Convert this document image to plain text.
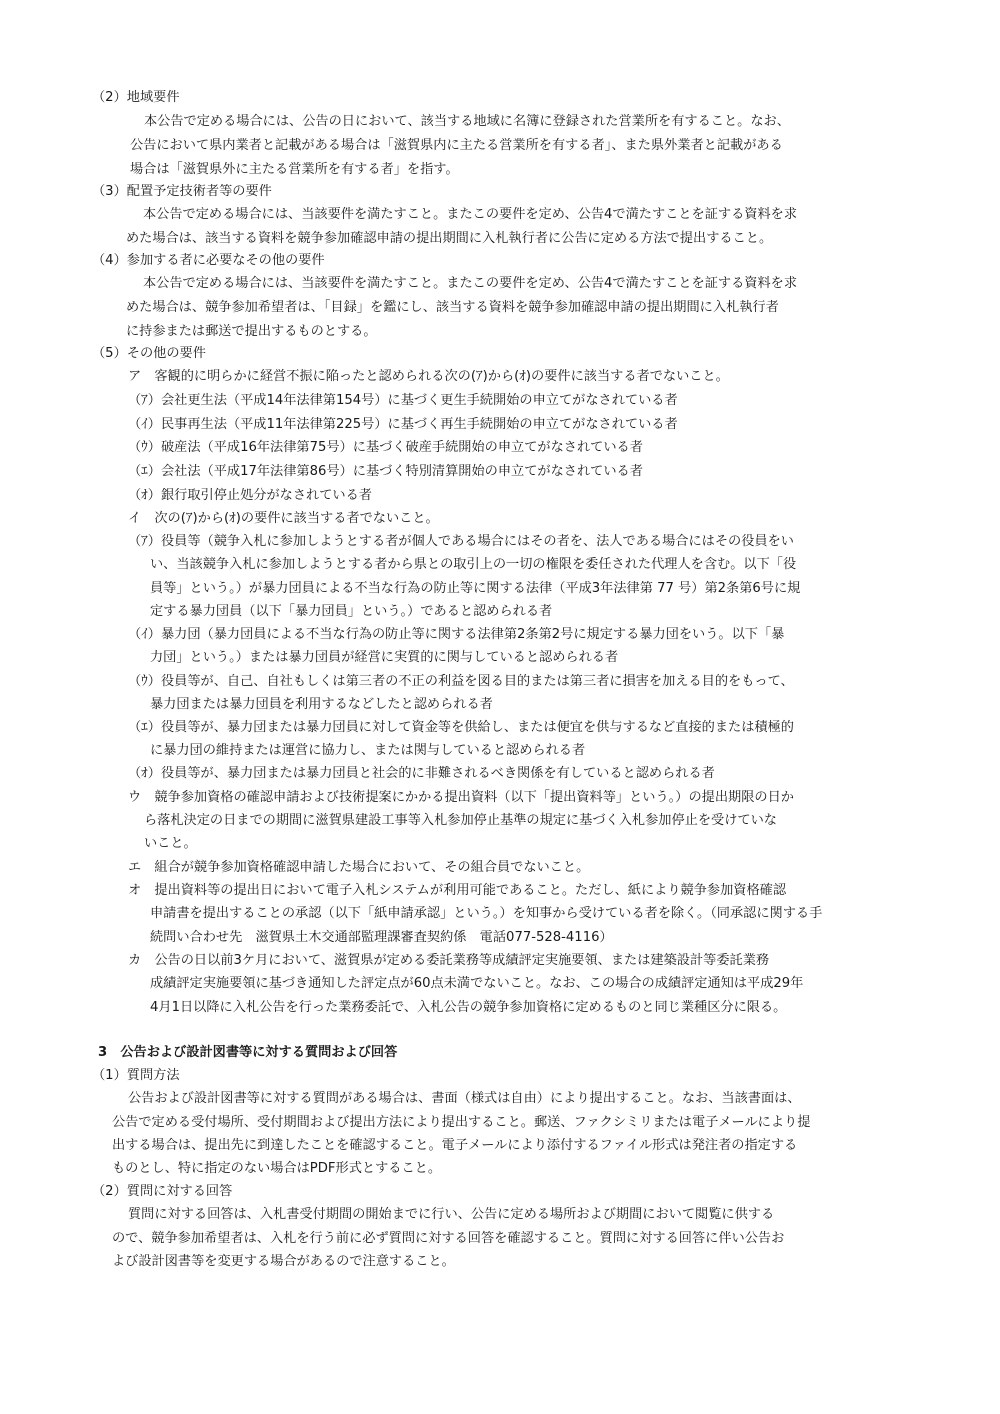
（2）地域要件
本公告で定める場合には、公告の日において、該当する地域に名簿に登録された営業所を有すること。なお、
公告において県内業者と記載がある場合は「滋賀県内に主たる営業所を有する者」、また県外業者と記載がある
場合は「滋賀県外に主たる営業所を有する者」を指す。
（3）配置予定技術者等の要件
本公告で定める場合には、当該要件を満たすこと。またこの要件を定め、公告4で満たすことを証する資料を求
めた場合は、該当する資料を競争参加確認申請の提出期間に入札執行者に公告に定める方法で提出すること。
（4）参加する者に必要なその他の要件
本公告で定める場合には、当該要件を満たすこと。またこの要件を定め、公告4で満たすことを証する資料を求
めた場合は、競争参加希望者は、「目録」を鑑にし、該当する資料を競争参加確認申請の提出期間に入札執行者
に持参または郵送で提出するものとする。
（5）その他の要件
ア　客観的に明らかに経営不振に陥ったと認められる次の(ｱ)から(ｵ)の要件に該当する者でないこと。
（ｱ）会社更生法（平成14年法律第154号）に基づく更生手続開始の申立てがなされている者
（ｲ）民事再生法（平成11年法律第225号）に基づく再生手続開始の申立てがなされている者
（ｳ）破産法（平成16年法律第75号）に基づく破産手続開始の申立てがなされている者
（ｴ）会社法（平成17年法律第86号）に基づく特別清算開始の申立てがなされている者
（ｵ）銀行取引停止処分がなされている者
イ　次の(ｱ)から(ｵ)の要件に該当する者でないこと。
（ｱ）役員等（競争入札に参加しようとする者が個人である場合にはその者を、法人である場合にはその役員をい
い、当該競争入札に参加しようとする者から県との取引上の一切の権限を委任された代理人を含む。以下「役
員等」という。）が暴力団員による不当な行為の防止等に関する法律（平成3年法律第 77 号）第2条第6号に規
定する暴力団員（以下「暴力団員」という。）であると認められる者
（ｲ）暴力団（暴力団員による不当な行為の防止等に関する法律第2条第2号に規定する暴力団をいう。以下「暴
力団」という。）または暴力団員が経営に実質的に関与していると認められる者
（ｳ）役員等が、自己、自社もしくは第三者の不正の利益を図る目的または第三者に損害を加える目的をもって、
暴力団または暴力団員を利用するなどしたと認められる者
（ｴ）役員等が、暴力団または暴力団員に対して資金等を供給し、または便宜を供与するなど直接的または積極的
に暴力団の維持または運営に協力し、または関与していると認められる者
（ｵ）役員等が、暴力団または暴力団員と社会的に非難されるべき関係を有していると認められる者
ウ　競争参加資格の確認申請および技術提案にかかる提出資料（以下「提出資料等」という。）の提出期限の日か
ら落札決定の日までの期間に滋賀県建設工事等入札参加停止基準の規定に基づく入札参加停止を受けていな
いこと。
エ　組合が競争参加資格確認申請した場合において、その組合員でないこと。
オ　提出資料等の提出日において電子入札システムが利用可能であること。ただし、紙により競争参加資格確認
申請書を提出することの承認（以下「紙申請承認」という。）を知事から受けている者を除く。（同承認に関する手
続問い合わせ先　滋賀県土木交通部監理課審査契約係　電話077-528-4116）
カ　公告の日以前3ケ月において、滋賀県が定める委託業務等成績評定実施要領、または建築設計等委託業務
成績評定実施要領に基づき通知した評定点が60点未満でないこと。なお、この場合の成績評定通知は平成29年
4月1日以降に入札公告を行った業務委託で、入札公告の競争参加資格に定めるものと同じ業種区分に限る。
3　公告および設計図書等に対する質問および回答
（1）質問方法
公告および設計図書等に対する質問がある場合は、書面（様式は自由）により提出すること。なお、当該書面は、
公告で定める受付場所、受付期間および提出方法により提出すること。郵送、ファクシミリまたは電子メールにより提
出する場合は、提出先に到達したことを確認すること。電子メールにより添付するファイル形式は発注者の指定する
ものとし、特に指定のない場合はPDF形式とすること。
（2）質問に対する回答
質問に対する回答は、入札書受付期間の開始までに行い、公告に定める場所および期間において閲覧に供する
ので、競争参加希望者は、入札を行う前に必ず質問に対する回答を確認すること。質問に対する回答に伴い公告お
よび設計図書等を変更する場合があるので注意すること。
